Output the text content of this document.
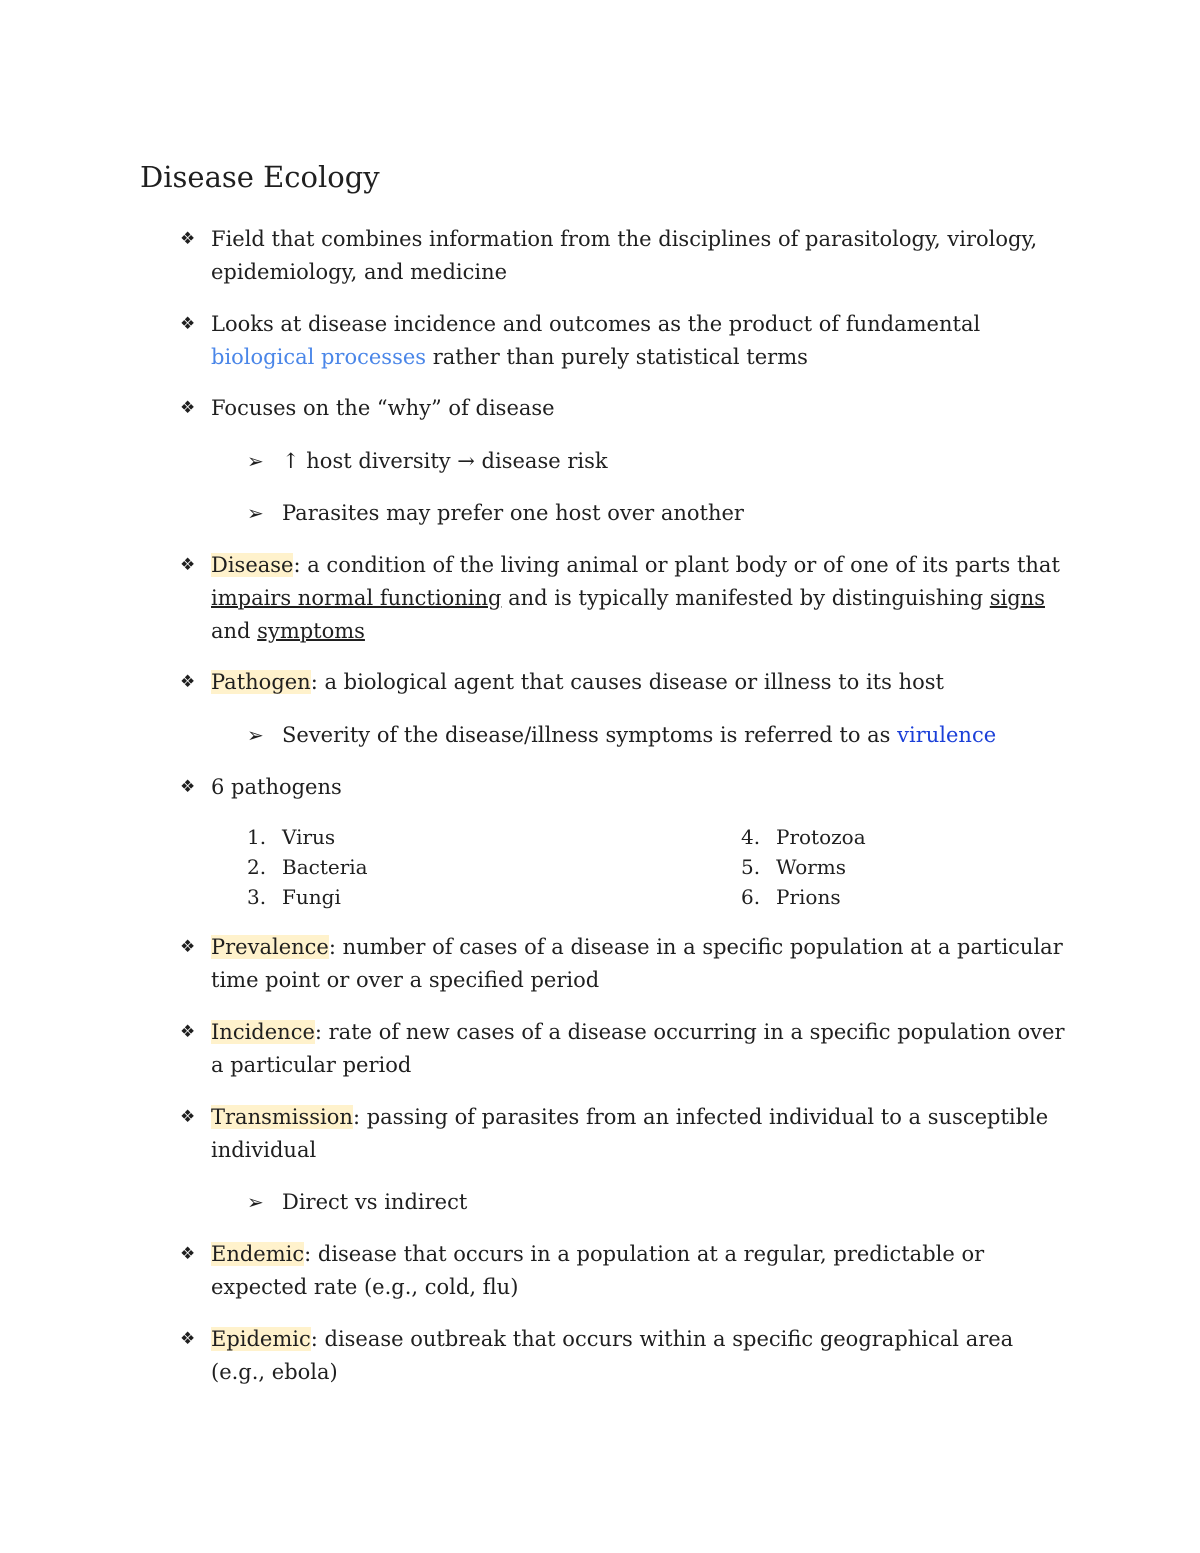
Disease Ecology
❖ Field that combines information from the disciplines of parasitology, virology, epidemiology, and medicine
❖ Looks at disease incidence and outcomes as the product of fundamental biological processes rather than purely statistical terms
❖ Focuses on the “why” of disease
➢ ↑ host diversity → disease risk
➢ Parasites may prefer one host over another
❖ Disease: a condition of the living animal or plant body or of one of its parts that impairs normal functioning and is typically manifested by distinguishing signs and symptoms
❖ Pathogen: a biological agent that causes disease or illness to its host
➢ Severity of the disease/illness symptoms is referred to as virulence
❖ 6 pathogens
1. Virus
2. Bacteria
3. Fungi
4. Protozoa
5. Worms
6. Prions
❖ Prevalence: number of cases of a disease in a specific population at a particular time point or over a specified period
❖ Incidence: rate of new cases of a disease occurring in a specific population over a particular period
❖ Transmission: passing of parasites from an infected individual to a susceptible individual
➢ Direct vs indirect
❖ Endemic: disease that occurs in a population at a regular, predictable or expected rate (e.g., cold, flu)
❖ Epidemic: disease outbreak that occurs within a specific geographical area (e.g., ebola)
